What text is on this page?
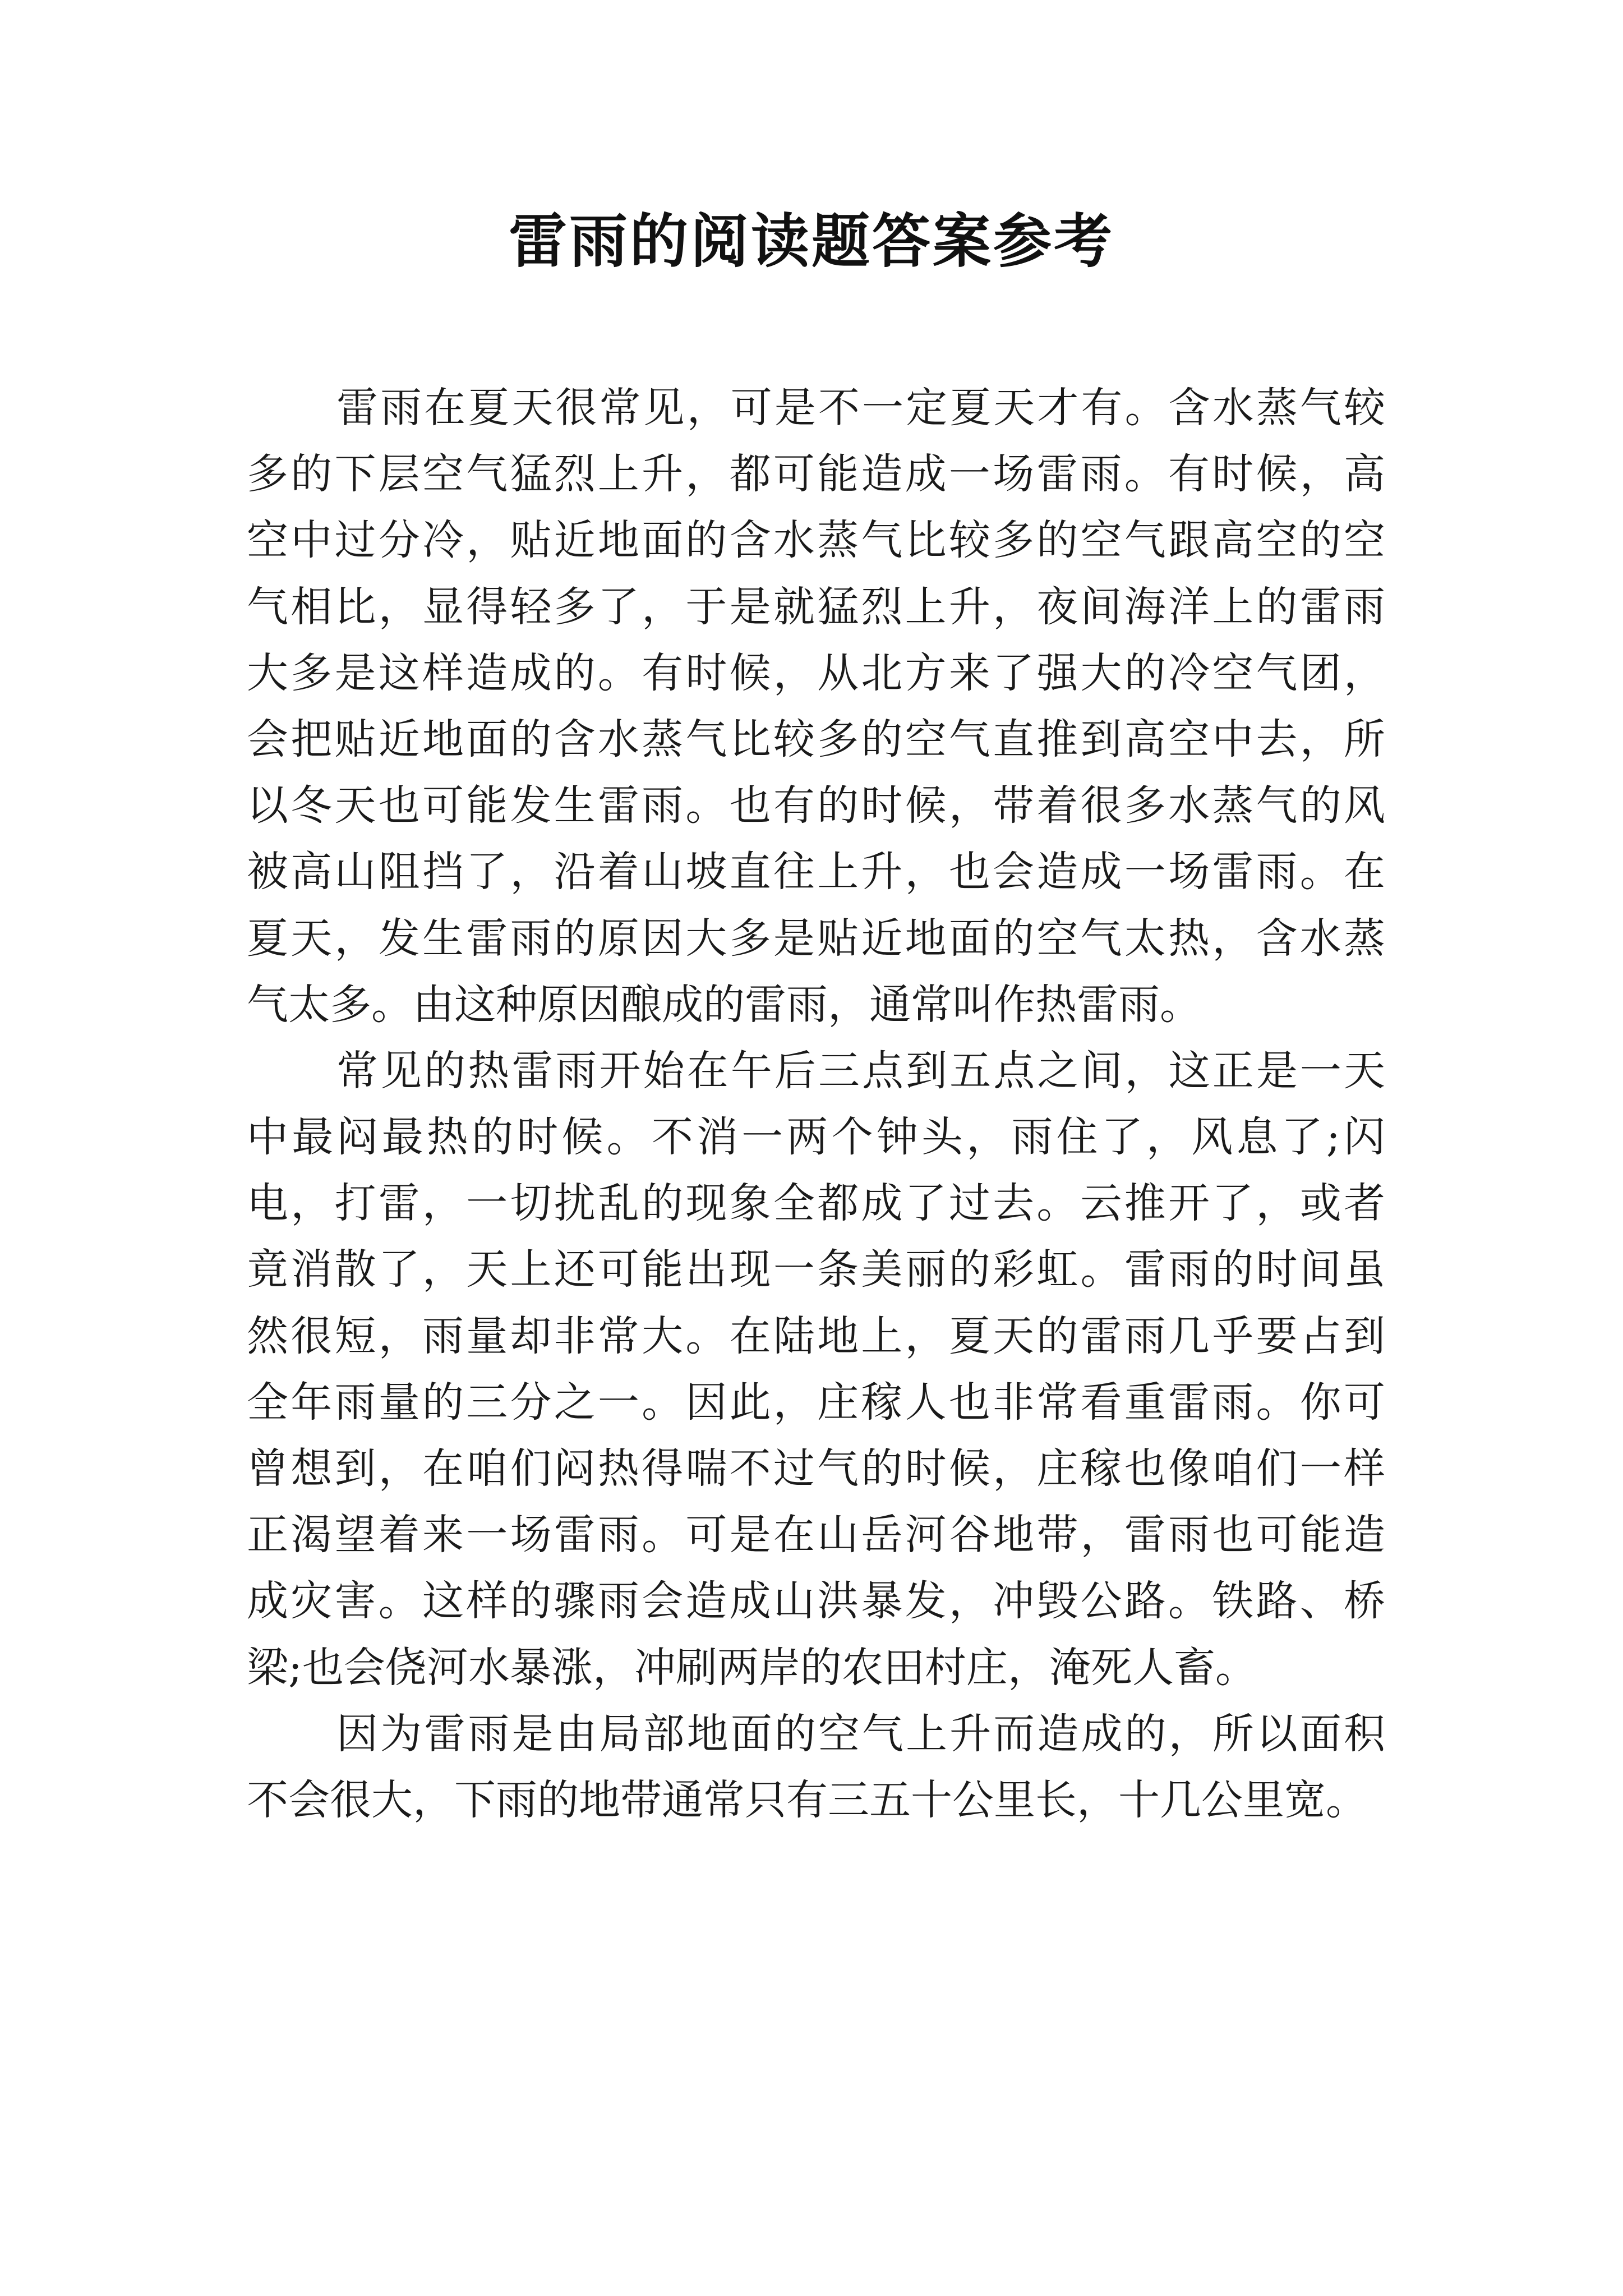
雷雨的阅读题答案参考
雷雨在夏天很常见，可是不一定夏天才有。含水蒸气较
多的下层空气猛烈上升，都可能造成一场雷雨。有时候，高
空中过分冷，贴近地面的含水蒸气比较多的空气跟高空的空
气相比，显得轻多了，于是就猛烈上升，夜间海洋上的雷雨
大多是这样造成的。有时候，从北方来了强大的冷空气团，
会把贴近地面的含水蒸气比较多的空气直推到高空中去，所
以冬天也可能发生雷雨。也有的时候，带着很多水蒸气的风
被高山阻挡了，沿着山坡直往上升，也会造成一场雷雨。在
夏天，发生雷雨的原因大多是贴近地面的空气太热，含水蒸
气太多。由这种原因酿成的雷雨，通常叫作热雷雨。
常见的热雷雨开始在午后三点到五点之间，这正是一天
中最闷最热的时候。不消一两个钟头，雨住了，风息了;闪
电，打雷，一切扰乱的现象全都成了过去。云推开了，或者
竟消散了，天上还可能出现一条美丽的彩虹。雷雨的时间虽
然很短，雨量却非常大。在陆地上，夏天的雷雨几乎要占到
全年雨量的三分之一。因此，庄稼人也非常看重雷雨。你可
曾想到，在咱们闷热得喘不过气的时候，庄稼也像咱们一样
正渴望着来一场雷雨。可是在山岳河谷地带，雷雨也可能造
成灾害。这样的骤雨会造成山洪暴发，冲毁公路。铁路、桥
梁;也会侥河水暴涨，冲刷两岸的农田村庄，淹死人畜。
因为雷雨是由局部地面的空气上升而造成的，所以面积
不会很大，下雨的地带通常只有三五十公里长，十几公里宽。
